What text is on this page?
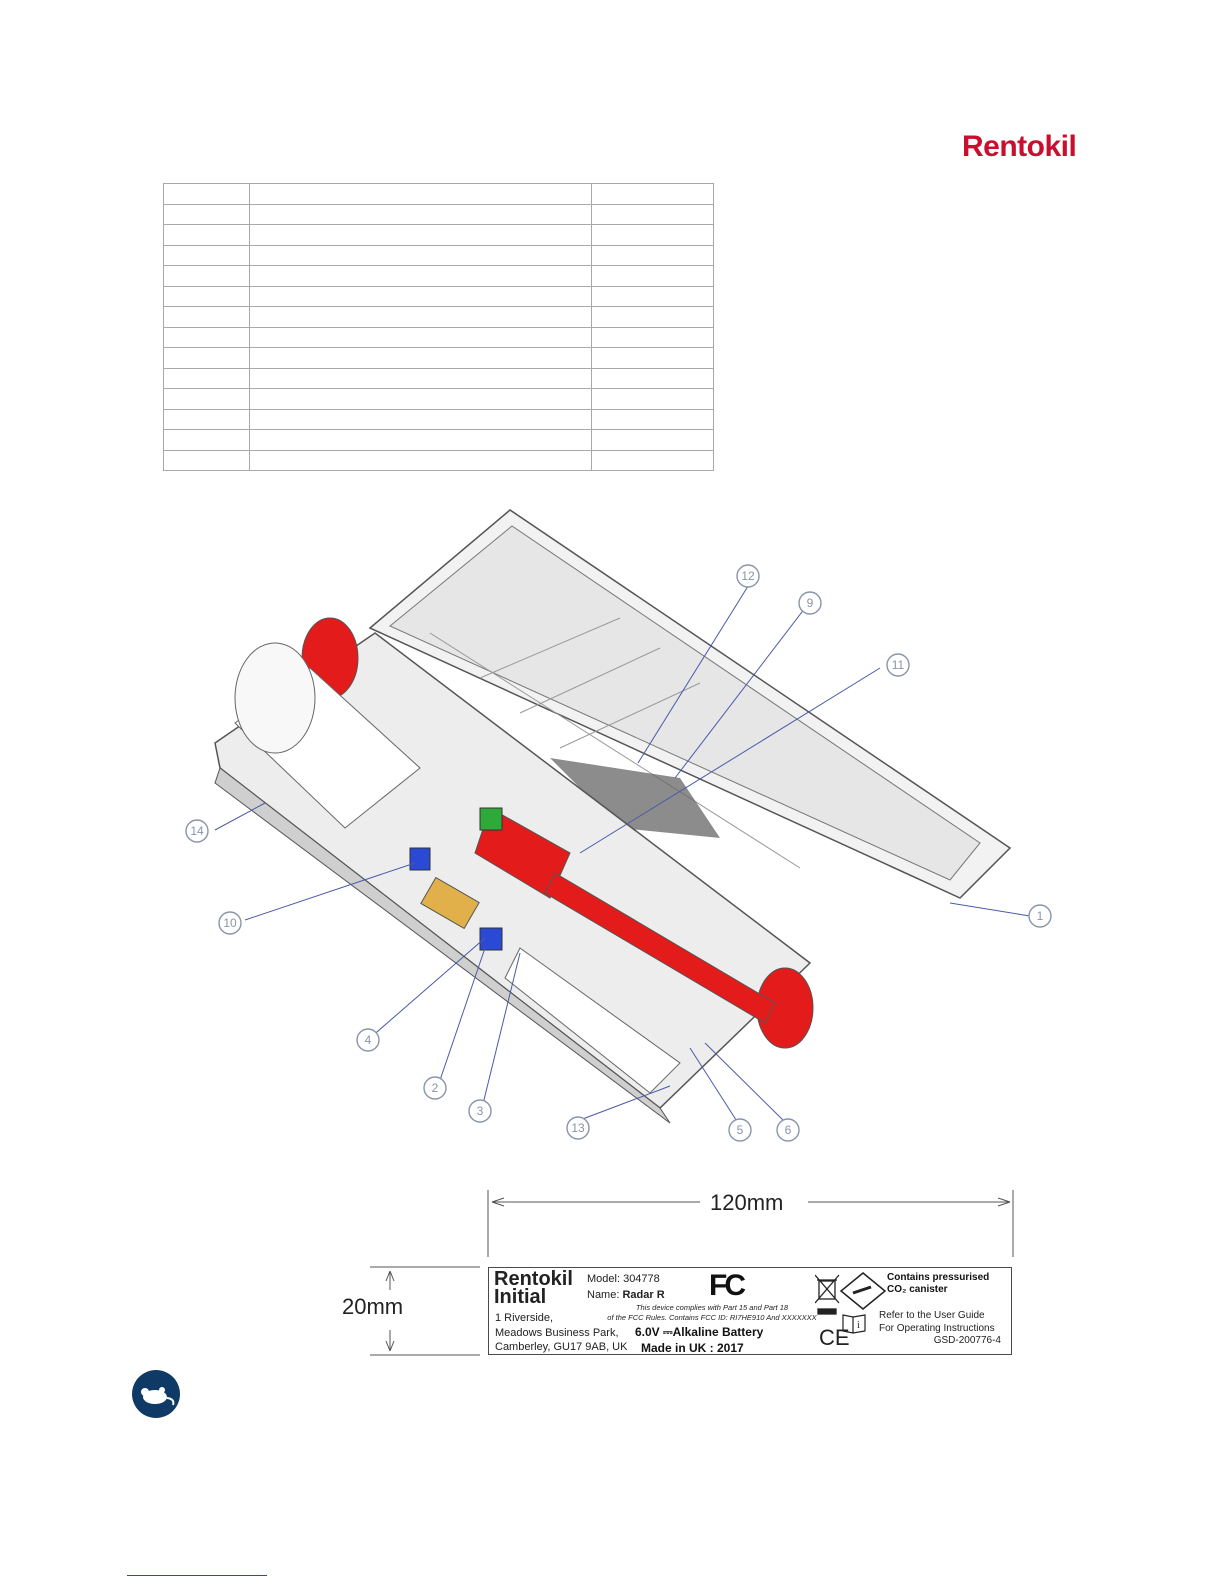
Rentokil

1
2
3
4
5	6
9
10
11
12
13
14
120mm
20mm
Rentokil
Initial
1 Riverside,
Meadows Business Park,
Camberley, GU17 9AB, UK
Model: 304778
Name: Radar R FC
This device complies with Part 15 and Part 18
of the FCC Rules. Contains FCC ID: RI7HE910 And XXXXXXX
6.0V ⎓Alkaline Battery
Made in UK : 2017
i
CE
Contains pressurised
CO₂ canister
Refer to the User Guide
For Operating Instructions
GSD-200776-4
